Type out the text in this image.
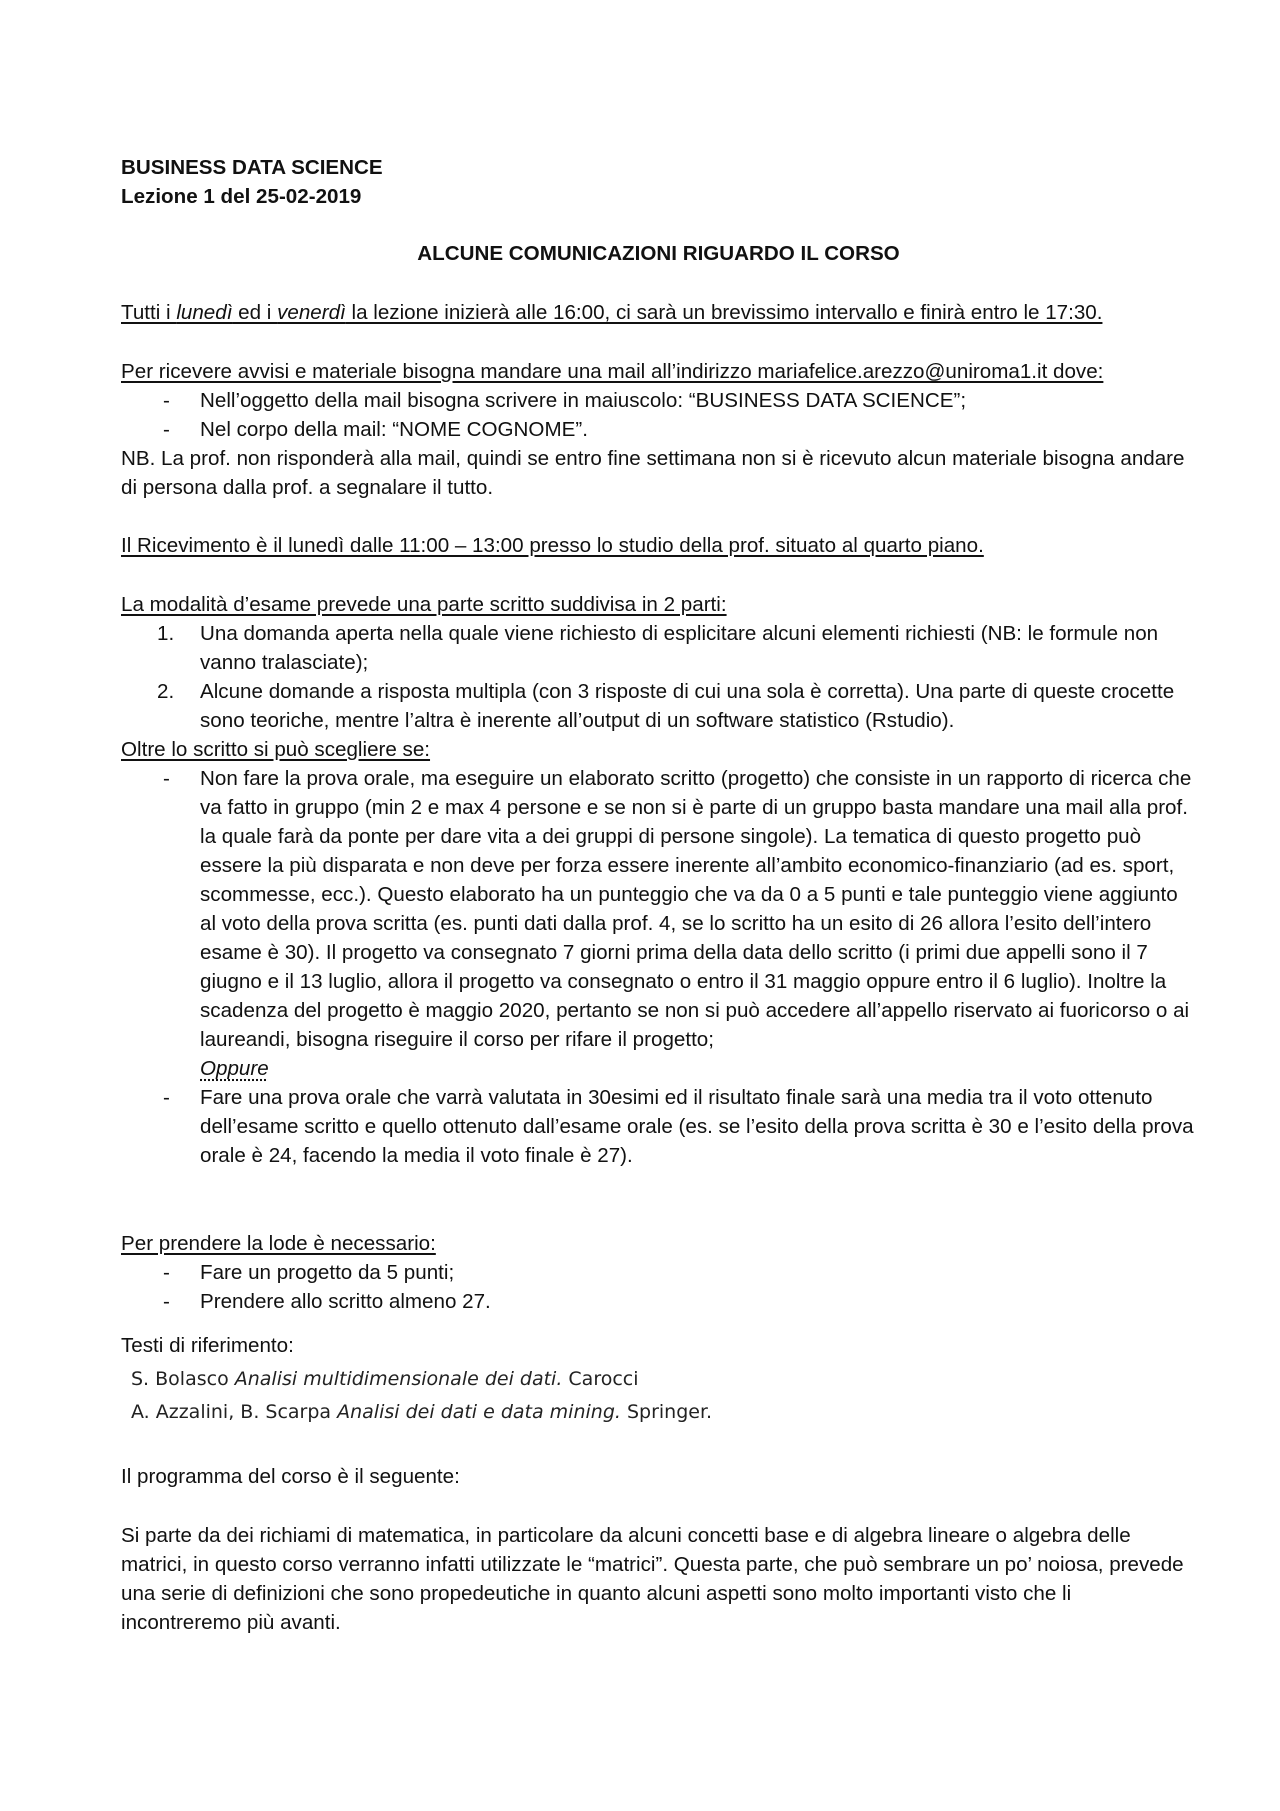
BUSINESS DATA SCIENCE

Lezione 1 del 25-02-2019

ALCUNE COMUNICAZIONI RIGUARDO IL CORSO

Tutti i lunedì ed i venerdì la lezione inizierà alle 16:00, ci sarà un brevissimo intervallo e finirà entro le 17:30.

Per ricevere avvisi e materiale bisogna mandare una mail all’indirizzo mariafelice.arezzo@uniroma1.it dove:

- Nell’oggetto della mail bisogna scrivere in maiuscolo: “BUSINESS DATA SCIENCE”;

- Nel corpo della mail: “NOME COGNOME”.

NB. La prof. non risponderà alla mail, quindi se entro fine settimana non si è ricevuto alcun materiale bisogna andare di persona dalla prof. a segnalare il tutto.

Il Ricevimento è il lunedì dalle 11:00 – 13:00 presso lo studio della prof. situato al quarto piano.

La modalità d’esame prevede una parte scritto suddivisa in 2 parti:

1. Una domanda aperta nella quale viene richiesto di esplicitare alcuni elementi richiesti (NB: le formule non vanno tralasciate);

2. Alcune domande a risposta multipla (con 3 risposte di cui una sola è corretta). Una parte di queste crocette sono teoriche, mentre l’altra è inerente all’output di un software statistico (Rstudio).

Oltre lo scritto si può scegliere se:

- Non fare la prova orale, ma eseguire un elaborato scritto (progetto) che consiste in un rapporto di ricerca che va fatto in gruppo (min 2 e max 4 persone e se non si è parte di un gruppo basta mandare una mail alla prof. la quale farà da ponte per dare vita a dei gruppi di persone singole). La tematica di questo progetto può essere la più disparata e non deve per forza essere inerente all’ambito economico-finanziario (ad es. sport, scommesse, ecc.). Questo elaborato ha un punteggio che va da 0 a 5 punti e tale punteggio viene aggiunto al voto della prova scritta (es. punti dati dalla prof. 4, se lo scritto ha un esito di 26 allora l’esito dell’intero esame è 30). Il progetto va consegnato 7 giorni prima della data dello scritto (i primi due appelli sono il 7 giugno e il 13 luglio, allora il progetto va consegnato o entro il 31 maggio oppure entro il 6 luglio). Inoltre la scadenza del progetto è maggio 2020, pertanto se non si può accedere all’appello riservato ai fuoricorso o ai laureandi, bisogna riseguire il corso per rifare il progetto;

Oppure

- Fare una prova orale che varrà valutata in 30esimi ed il risultato finale sarà una media tra il voto ottenuto dell’esame scritto e quello ottenuto dall’esame orale (es. se l’esito della prova scritta è 30 e l’esito della prova orale è 24, facendo la media il voto finale è 27).

Per prendere la lode è necessario:

- Fare un progetto da 5 punti;

- Prendere allo scritto almeno 27.

Testi di riferimento:

S. Bolasco Analisi multidimensionale dei dati. Carocci

A. Azzalini, B. Scarpa Analisi dei dati e data mining. Springer.

Il programma del corso è il seguente:

Si parte da dei richiami di matematica, in particolare da alcuni concetti base e di algebra lineare o algebra delle matrici, in questo corso verranno infatti utilizzate le “matrici”. Questa parte, che può sembrare un po’ noiosa, prevede una serie di definizioni che sono propedeutiche in quanto alcuni aspetti sono molto importanti visto che li incontreremo più avanti.
